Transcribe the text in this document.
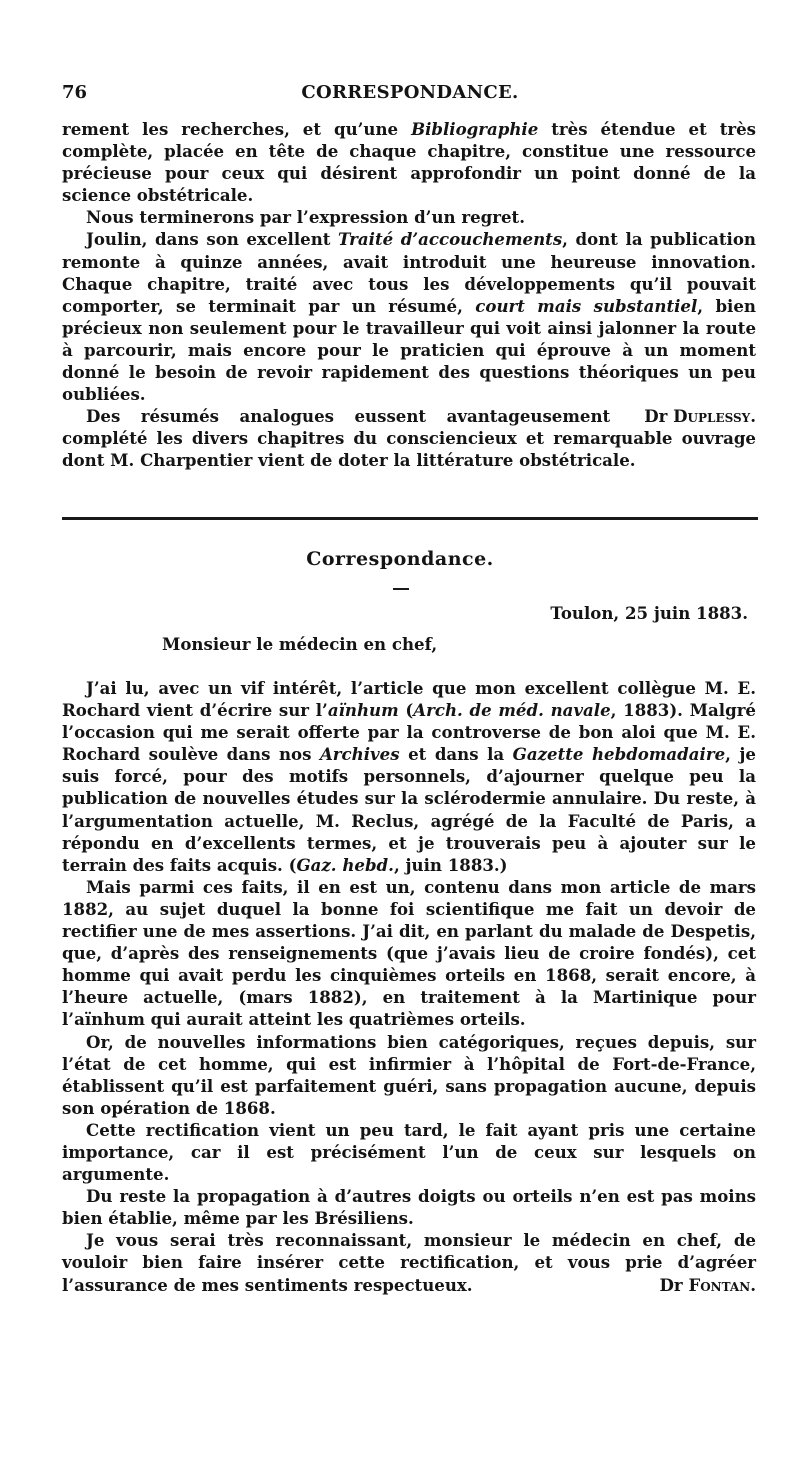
76	CORRESPONDANCE.

rement les recherches, et qu’une Bibliographie très étendue et très complète, placée en tête de chaque chapitre, constitue une ressource précieuse pour ceux qui désirent approfondir un point donné de la science obstétricale.

Nous terminerons par l’expression d’un regret.

Joulin, dans son excellent Traité d’accouchements, dont la publication remonte à quinze années, avait introduit une heureuse innovation. Chaque chapitre, traité avec tous les développements qu’il pouvait comporter, se terminait par un résumé, court mais substantiel, bien précieux non seulement pour le travailleur qui voit ainsi jalonner la route à parcourir, mais encore pour le praticien qui éprouve à un moment donné le besoin de revoir rapidement des questions théoriques un peu oubliées.

Dr Duplessy.
Des résumés analogues eussent avantageusement complété les divers chapitres du consciencieux et remarquable ouvrage dont M. Charpentier vient de doter la littérature obstétricale.

Correspondance.
Toulon, 25 juin 1883.
Monsieur le médecin en chef,

J’ai lu, avec un vif intérêt, l’article que mon excellent collègue M. E. Rochard vient d’écrire sur l’aïnhum (Arch. de méd. navale, 1883). Malgré l’occasion qui me serait offerte par la controverse de bon aloi que M. E. Rochard soulève dans nos Archives et dans la Gazette hebdomadaire, je suis forcé, pour des motifs personnels, d’ajourner quelque peu la publication de nouvelles études sur la sclérodermie annulaire. Du reste, à l’argumentation actuelle, M. Reclus, agrégé de la Faculté de Paris, a répondu en d’excellents termes, et je trouverais peu à ajouter sur le terrain des faits acquis. (Gaz. hebd., juin 1883.)

Mais parmi ces faits, il en est un, contenu dans mon article de mars 1882, au sujet duquel la bonne foi scientifique me fait un devoir de rectifier une de mes assertions. J’ai dit, en parlant du malade de Despetis, que, d’après des renseignements (que j’avais lieu de croire fondés), cet homme qui avait perdu les cinquièmes orteils en 1868, serait encore, à l’heure actuelle, (mars 1882), en traitement à la Martinique pour l’aïnhum qui aurait atteint les quatrièmes orteils.

Or, de nouvelles informations bien catégoriques, reçues depuis, sur l’état de cet homme, qui est infirmier à l’hôpital de Fort-de-France, établissent qu’il est parfaitement guéri, sans propagation aucune, depuis son opération de 1868.

Cette rectification vient un peu tard, le fait ayant pris une certaine importance, car il est précisément l’un de ceux sur lesquels on argumente.

Du reste la propagation à d’autres doigts ou orteils n’en est pas moins bien établie, même par les Brésiliens.

Je vous serai très reconnaissant, monsieur le médecin en chef, de vouloir bien faire insérer cette rectification, et vous prie d’agréer l’assurance de mes sentiments respectueux.	Dr Fontan.
